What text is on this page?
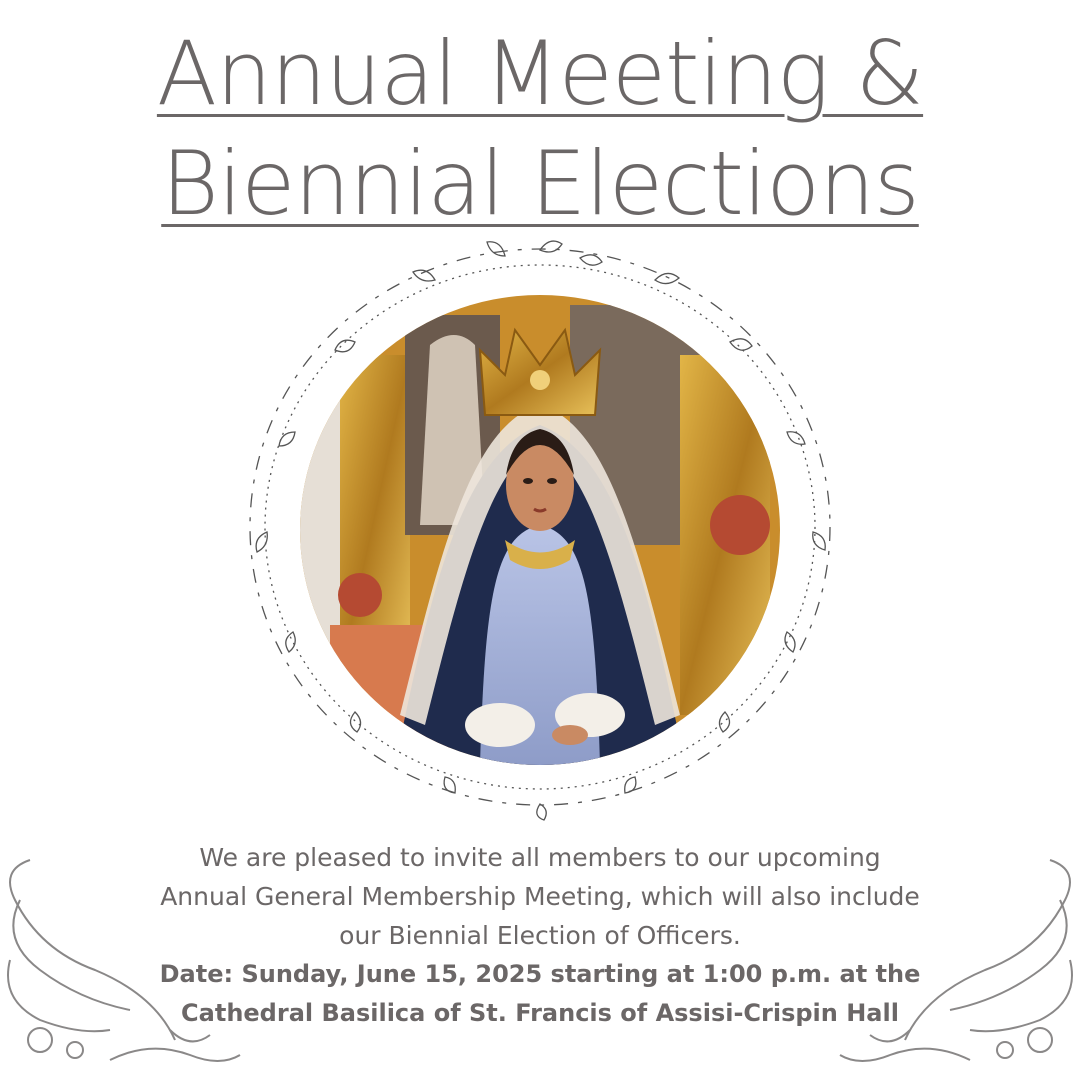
Annual Meeting &
Biennial Elections
We are pleased to invite all members to our upcoming
Annual General Membership Meeting, which will also include
our Biennial Election of Officers.
Date: Sunday, June 15, 2025 starting at 1:00 p.m. at the
Cathedral Basilica of St. Francis of Assisi-Crispin Hall
